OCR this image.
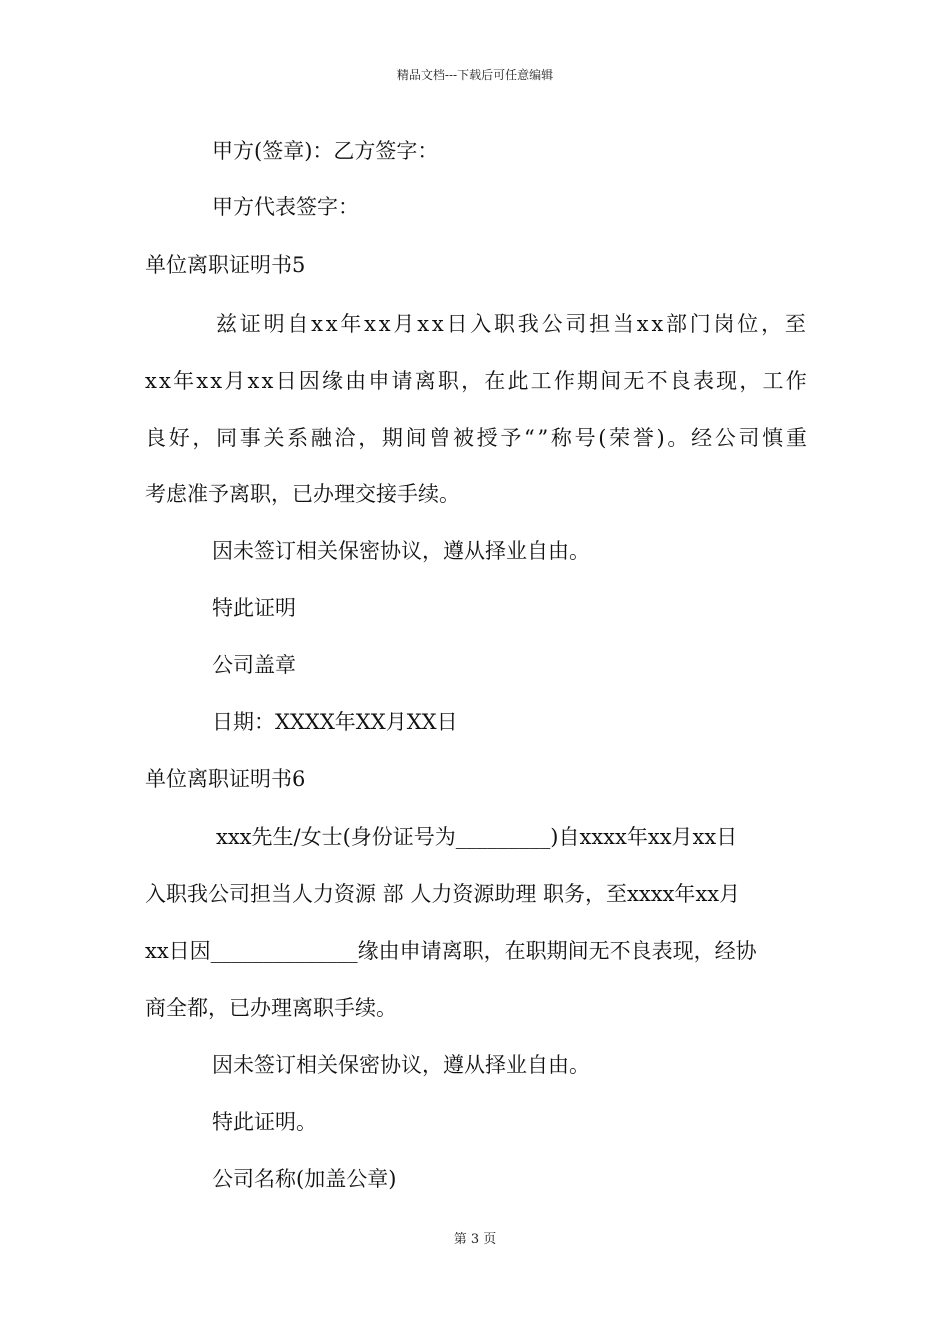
精品文档---下载后可任意编辑
甲方(签章)：乙方签字：
甲方代表签字：
单位离职证明书5
兹 证 明 自 x x 年 x x 月 x x 日 入 职 我 公 司 担 当 x x 部 门 岗 位 ， 至
x x 年 x x 月 x x 日 因 缘 由 申 请 离 职 ， 在 此 工 作 期 间 无 不 良 表 现 ， 工 作
良 好 ， 同 事 关 系 融 洽 ， 期 间 曾 被 授 予 “ ” 称 号 ( 荣 誉 ) 。 经 公 司 慎 重
考虑准予离职，已办理交接手续。
因未签订相关保密协议，遵从择业自由。
特此证明
公司盖章
日期：XXXX年XX月XX日
单位离职证明书6
xxx先生/女士(身份证号为_________)自xxxx年xx月xx日
入职我公司担当人力资源 部 人力资源助理 职务，至xxxx年xx月
xx日因______________缘由申请离职，在职期间无不良表现，经协
商全都，已办理离职手续。
因未签订相关保密协议，遵从择业自由。
特此证明。
公司名称(加盖公章)
第 3 页
